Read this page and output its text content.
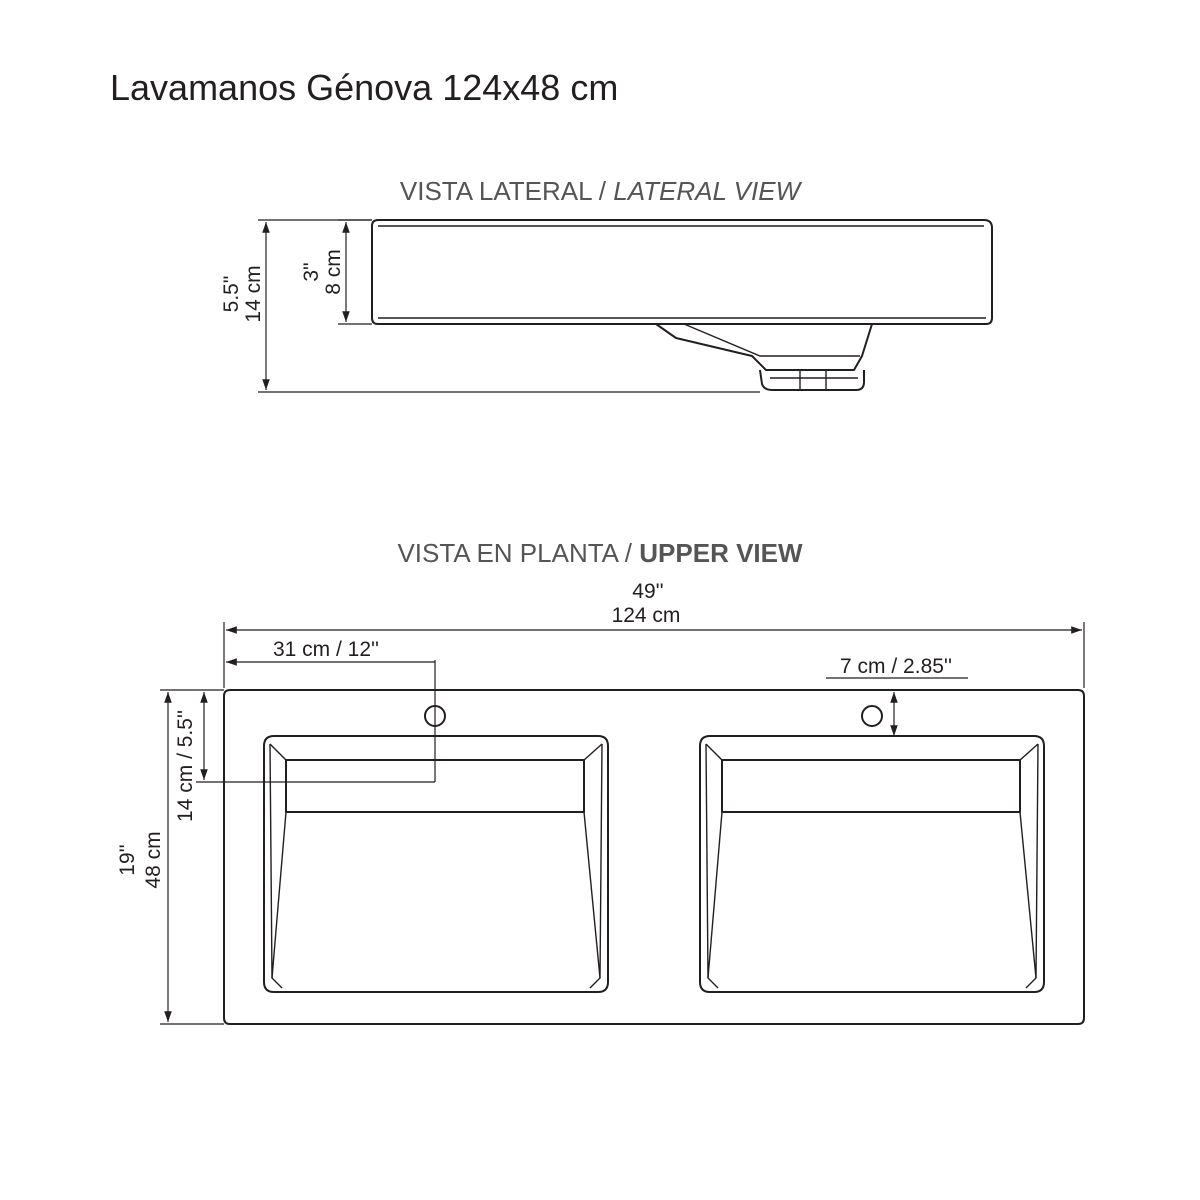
Lavamanos Génova 124x48 cm
VISTA LATERAL / LATERAL VIEW
5.5" 14 cm 3" 8 cm
VISTA EN PLANTA / UPPER VIEW
49''
124 cm
31 cm / 12''
7 cm / 2.85''
14 cm / 5.5''
19'' 48 cm
